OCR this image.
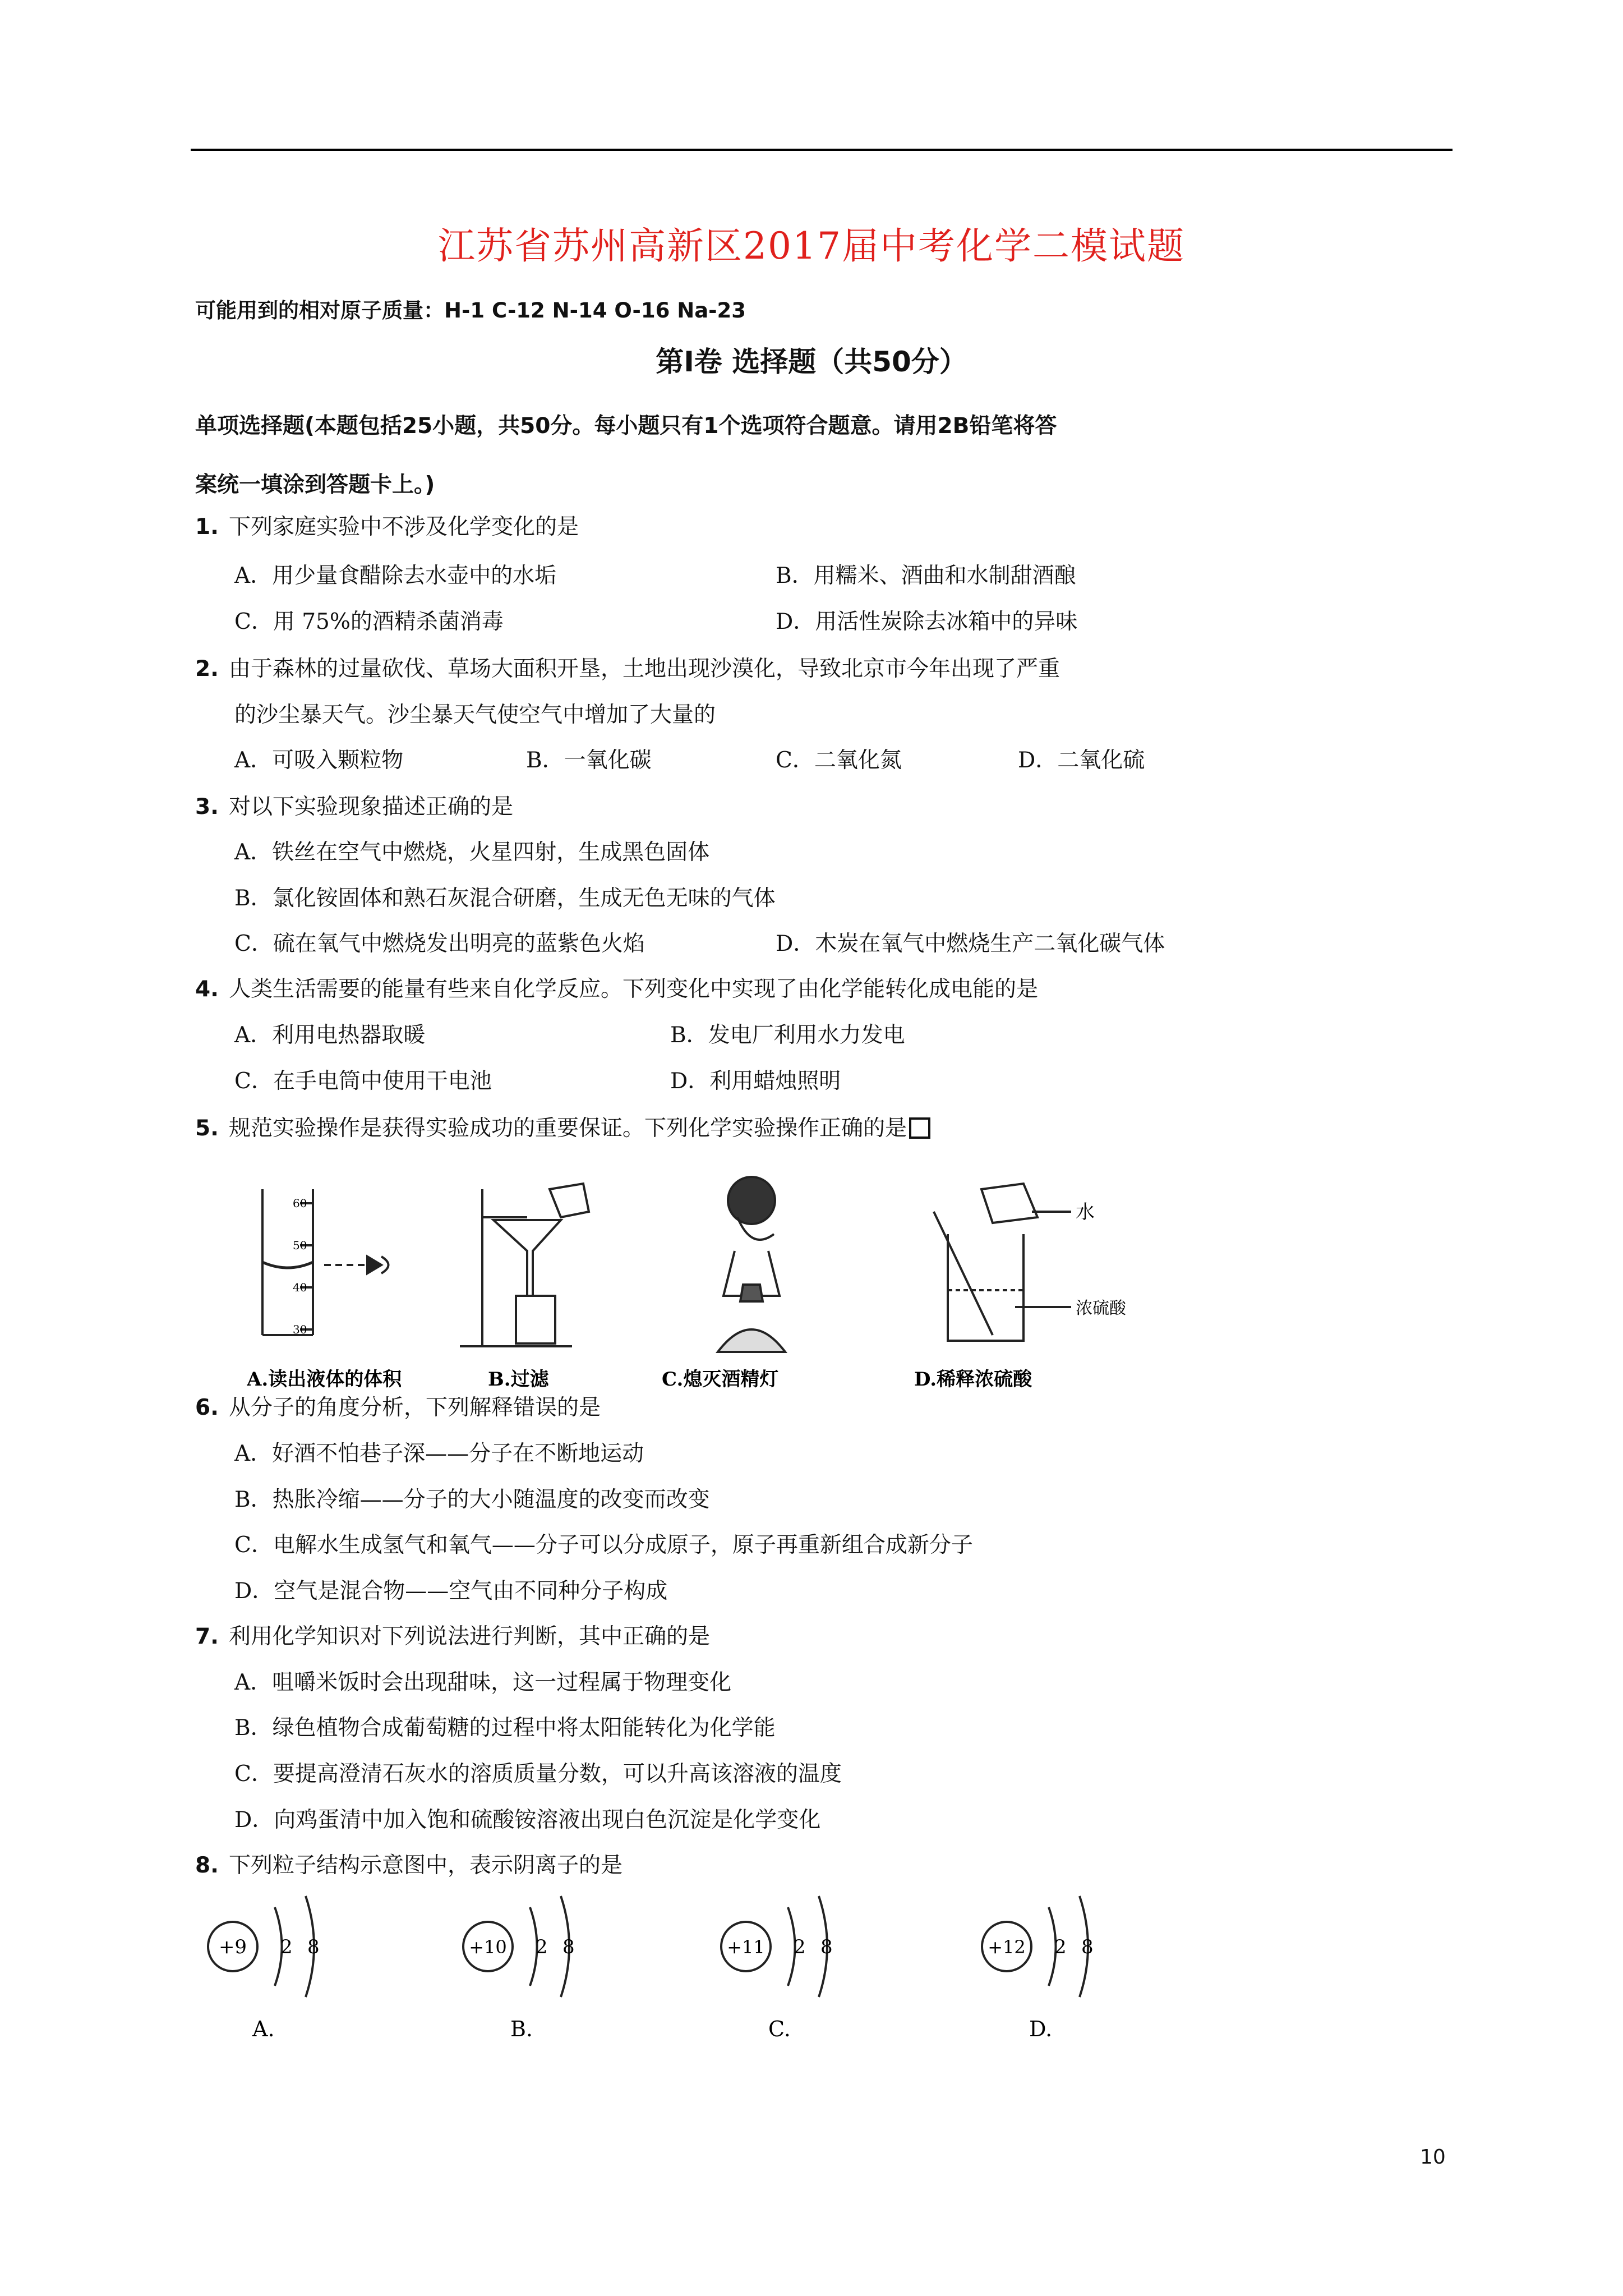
江苏省苏州高新区2017届中考化学二模试题
可能用到的相对原子质量：H-1 C-12 N-14 O-16 Na-23
第I卷 选择题（共50分）
单项选择题(本题包括25小题，共50分。每小题只有1个选项符合题意。请用2B铅笔将答
案统一填涂到答题卡上。)
1. 下列家庭实验中不涉及化学变化的是
A．用少量食醋除去水壶中的水垢	B．用糯米、酒曲和水制甜酒酿
C．用 75%的酒精杀菌消毒	D．用活性炭除去冰箱中的异味
2. 由于森林的过量砍伐、草场大面积开垦，土地出现沙漠化，导致北京市今年出现了严重
的沙尘暴天气。沙尘暴天气使空气中增加了大量的
A．可吸入颗粒物	B．一氧化碳	C．二氧化氮	D．二氧化硫
3. 对以下实验现象描述正确的是
A．铁丝在空气中燃烧，火星四射，生成黑色固体
B．氯化铵固体和熟石灰混合研磨，生成无色无味的气体
C．硫在氧气中燃烧发出明亮的蓝紫色火焰	D．木炭在氧气中燃烧生产二氧化碳气体
4. 人类生活需要的能量有些来自化学反应。下列变化中实现了由化学能转化成电能的是
A．利用电热器取暖	B．发电厂利用水力发电
C．在手电筒中使用干电池	D．利用蜡烛照明
5. 规范实验操作是获得实验成功的重要保证。下列化学实验操作正确的是
60
50
40
30
水
浓硫酸
A.读出液体的体积	B.过滤	C.熄灭酒精灯	D.稀释浓硫酸
6. 从分子的角度分析，下列解释错误的是
A．好酒不怕巷子深——分子在不断地运动
B．热胀冷缩——分子的大小随温度的改变而改变
C．电解水生成氢气和氧气——分子可以分成原子，原子再重新组合成新分子
D．空气是混合物——空气由不同种分子构成
7. 利用化学知识对下列说法进行判断，其中正确的是
A．咀嚼米饭时会出现甜味，这一过程属于物理变化
B．绿色植物合成葡萄糖的过程中将太阳能转化为化学能
C．要提高澄清石灰水的溶质质量分数，可以升高该溶液的温度
D．向鸡蛋清中加入饱和硫酸铵溶液出现白色沉淀是化学变化
8. 下列粒子结构示意图中，表示阴离子的是
+9 2 8
A.
+10 2 8
B.
+11 2 8
C.
+12 2 8
D.
10
